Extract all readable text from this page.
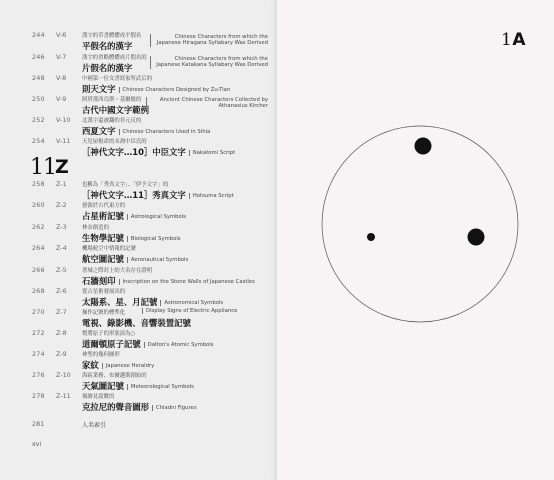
244 V-6	漢字的草書體體成平假名
平假名的漢字
Chinese Characters from which the Japanese Hiragana Syllabary Was Derived
246 V-7	漢字的省略體體成片假名的
片假名的漢字
Chinese Characters from which the Japanese Katakana Syllabary Was Derived
248 V-8	中國第一位女書寫家所武后的
則天文字 Chinese Characters Designed by Zu-Tian
250 V-9	阿塔那西烏斯・基爾歇的
古代中國文字範例
Ancient Chinese Characters Collected by Athanasius Kircher
252 V-10 北漢字還被翻的非元反的
西夏文字 Chinese Characters Used in Sihia
254 V-11 天兒屋根命的末裔中臣氏的
［神代文字…10］中臣文字 Nakatomi Script
11 Z
258 Z-1	也稱為「秀真文字」、「伊予文字」的
［神代文字…11］秀真文字 Hotsuma Script
260 Z-2	發源於古代東方的
占星術記號 Astrological Symbols
262 Z-3	林奈創造的
生物學記號 Biological Symbols
264 Z-4	機場航空中情報的記號
航空圖記號 Aeronautical Symbols
266 Z-5	著城之際封上的大名存在證明
石牆刻印 Inscription on the Stone Walls of Japanese Castles
268 Z-6	從古星術發展出的
太陽系、星、月記號 Astronomical Symbols
270 Z-7	操作記號的標準化
電視、錄影機、音響裝置記號
Display Signs of Electric Appliance
272 Z-8	製將原子的形狀演為○
道爾頓原子記號 Dalton's Atomic Symbols
274 Z-9	神聖的幾何圖形
家紋 Japanese Heraldry
276 Z-10 海區業務、布爾邁斯創始的
天氣圖記號 Meteorological Symbols
278 Z-11 描繪見說數的
克拉尼的聲音圖形 Chladni Figures
281	人名索引
xvi
1A
